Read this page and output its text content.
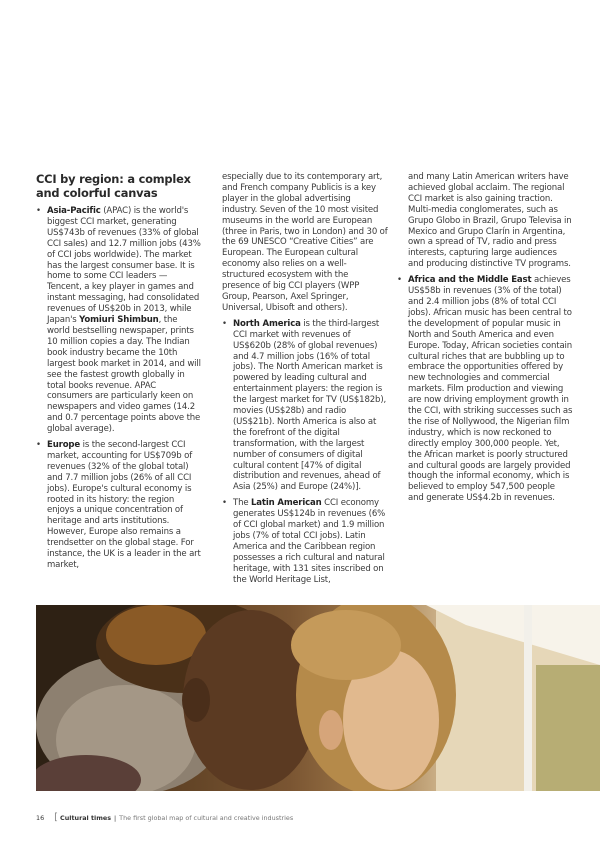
CCI by region: a complex and colorful canvas

• Asia-Pacific (APAC) is the world's biggest CCI market, generating US$743b of revenues (33% of global CCI sales) and 12.7 million jobs (43% of CCI jobs worldwide). The market has the largest consumer base. It is home to some CCI leaders — Tencent, a key player in games and instant messaging, had consolidated revenues of US$20b in 2013, while Japan's Yomiuri Shimbun, the world bestselling newspaper, prints 10 million copies a day. The Indian book industry became the 10th largest book market in 2014, and will see the fastest growth globally in total books revenue. APAC consumers are particularly keen on newspapers and video games (14.2 and 0.7 percentage points above the global average).

• Europe is the second-largest CCI market, accounting for US$709b of revenues (32% of the global total) and 7.7 million jobs (26% of all CCI jobs). Europe's cultural economy is rooted in its history: the region enjoys a unique concentration of heritage and arts institutions. However, Europe also remains a trendsetter on the global stage. For instance, the UK is a leader in the art market,

especially due to its contemporary art, and French company Publicis is a key player in the global advertising industry. Seven of the 10 most visited museums in the world are European (three in Paris, two in London) and 30 of the 69 UNESCO “Creative Cities” are European. The European cultural economy also relies on a well-structured ecosystem with the presence of big CCI players (WPP Group, Pearson, Axel Springer, Universal, Ubisoft and others).

• North America is the third-largest CCI market with revenues of US$620b (28% of global revenues) and 4.7 million jobs (16% of total jobs). The North American market is powered by leading cultural and entertainment players: the region is the largest market for TV (US$182b), movies (US$28b) and radio (US$21b). North America is also at the forefront of the digital transformation, with the largest number of consumers of digital cultural content [47% of digital distribution and revenues, ahead of Asia (25%) and Europe (24%)].

• The Latin American CCI economy generates US$124b in revenues (6% of CCI global market) and 1.9 million jobs (7% of total CCI jobs). Latin America and the Caribbean region possesses a rich cultural and natural heritage, with 131 sites inscribed on the World Heritage List,

and many Latin American writers have achieved global acclaim. The regional CCI market is also gaining traction. Multi-media conglomerates, such as Grupo Globo in Brazil, Grupo Televisa in Mexico and Grupo Clarín in Argentina, own a spread of TV, radio and press interests, capturing large audiences and producing distinctive TV programs.

• Africa and the Middle East achieves US$58b in revenues (3% of the total) and 2.4 million jobs (8% of total CCI jobs). African music has been central to the development of popular music in North and South America and even Europe. Today, African societies contain cultural riches that are bubbling up to embrace the opportunities offered by new technologies and commercial markets. Film production and viewing are now driving employment growth in the CCI, with striking successes such as the rise of Nollywood, the Nigerian film industry, which is now reckoned to directly employ 300,000 people. Yet, the African market is poorly structured and cultural goods are largely provided though the informal economy, which is believed to employ 547,500 people and generate US$4.2b in revenues.

16 [ Cultural times | The first global map of cultural and creative industries
